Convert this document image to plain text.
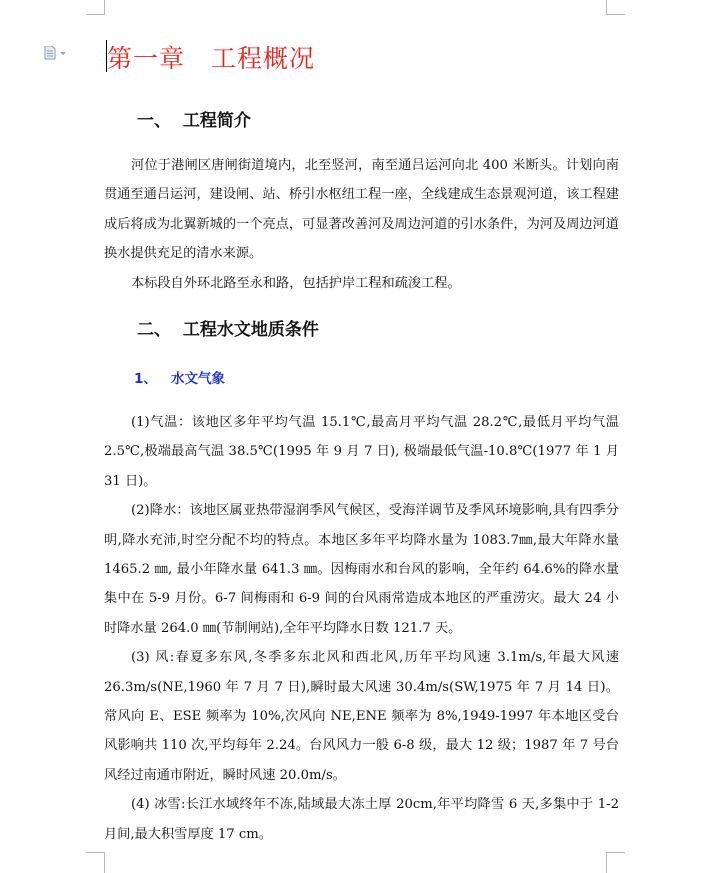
第一章　工程概况
一、  工程简介

河位于港闸区唐闸街道境内，北至竖河，南至通吕运河向北 400 米断头。计划向南贯通至通吕运河，建设闸、站、桥引水枢纽工程一座，全线建成生态景观河道，该工程建成后将成为北翼新城的一个亮点，可显著改善河及周边河道的引水条件，为河及周边河道换水提供充足的清水来源。

本标段自外环北路至永和路，包括护岸工程和疏浚工程。

二、  工程水文地质条件
1、   水文气象

(1)气温：该地区多年平均气温 15.1℃,最高月平均气温 28.2℃,最低月平均气温 2.5℃,极端最高气温 38.5℃(1995 年 9 月 7 日), 极端最低气温-10.8℃(1977 年 1 月 31 日)。

(2)降水：该地区属亚热带湿润季风气候区，受海洋调节及季风环境影响,具有四季分明,降水充沛,时空分配不均的特点。本地区多年平均降水量为 1083.7㎜,最大年降水量 1465.2 ㎜, 最小年降水量 641.3 ㎜。因梅雨水和台风的影响，全年约 64.6%的降水量集中在 5-9 月份。6-7 间梅雨和 6-9 间的台风雨常造成本地区的严重涝灾。最大 24 小时降水量 264.0 ㎜(节制闸站),全年平均降水日数 121.7 天。

(3) 风:春夏多东风,冬季多东北风和西北风,历年平均风速 3.1m/s,年最大风速 26.3m/s(NE,1960 年 7 月 7 日),瞬时最大风速 30.4m/s(SW,1975 年 7 月 14 日)。常风向 E、ESE 频率为 10%,次风向 NE,ENE 频率为 8%,1949-1997 年本地区受台风影响共 110 次,平均每年 2.24。台风风力一般 6-8 级，最大 12 级；1987 年 7 号台风经过南通市附近，瞬时风速 20.0m/s。

(4) 冰雪:长江水域终年不冻,陆域最大冻土厚 20cm,年平均降雪 6 天,多集中于 1-2 月间,最大积雪厚度 17 cm。
